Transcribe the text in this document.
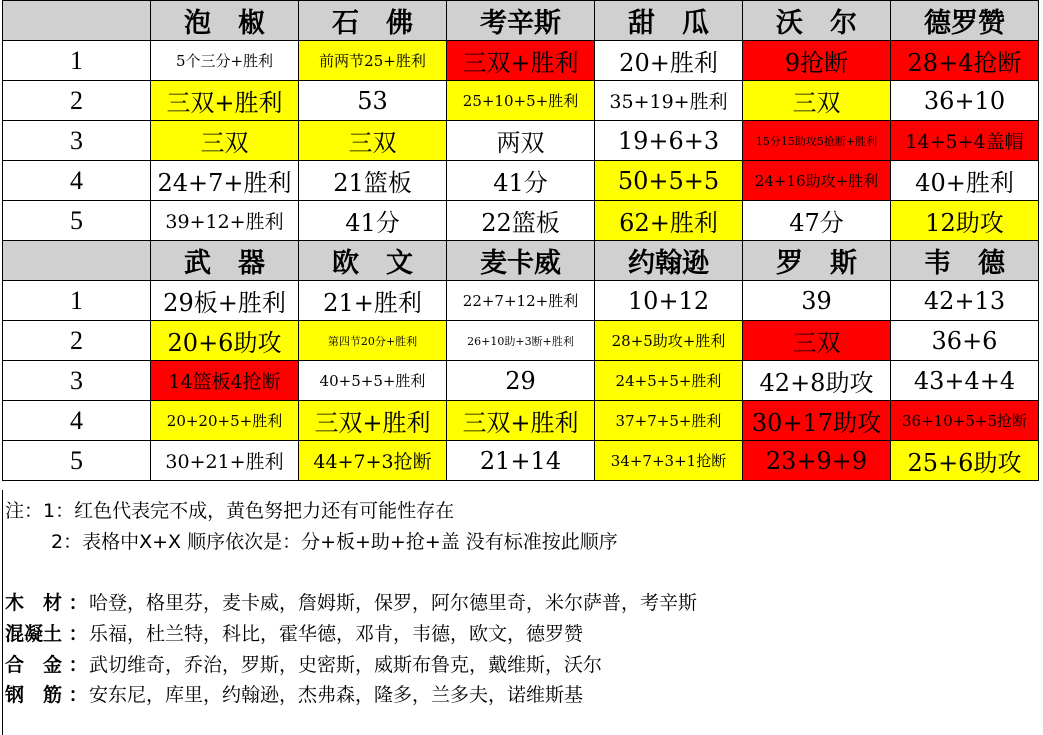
	泡　椒	石　佛	考辛斯	甜　瓜	沃　尔	德罗赞
1	5个三分+胜利	前两节25+胜利	三双+胜利	20+胜利	9抢断	28+4抢断
2	三双+胜利	53	25+10+5+胜利	35+19+胜利	三双	36+10
3	三双	三双	两双	19+6+3	15分15助攻5抢断+胜利	14+5+4盖帽
4	24+7+胜利	21篮板	41分	50+5+5	24+16助攻+胜利	40+胜利
5	39+12+胜利	41分	22篮板	62+胜利	47分	12助攻
	武　器	欧　文	麦卡威	约翰逊	罗　斯	韦　德
1	29板+胜利	21+胜利	22+7+12+胜利	10+12	39	42+13
2	20+6助攻	第四节20分+胜利	26+10助+3断+胜利	28+5助攻+胜利	三双	36+6
3	14篮板4抢断	40+5+5+胜利	29	24+5+5+胜利	42+8助攻	43+4+4
4	20+20+5+胜利	三双+胜利	三双+胜利	37+7+5+胜利	30+17助攻	36+10+5+5抢断
5	30+21+胜利	44+7+3抢断	21+14	34+7+3+1抢断	23+9+9	25+6助攻
注：1：红色代表完不成，黄色努把力还有可能性存在
2：表格中X+X 顺序依次是：分+板+助+抢+盖 没有标准按此顺序
木　材 ：哈登，格里芬，麦卡威，詹姆斯，保罗，阿尔德里奇，米尔萨普，考辛斯
混凝土 ：乐福，杜兰特，科比，霍华德，邓肯，韦德，欧文，德罗赞
合　金 ：武切维奇，乔治，罗斯，史密斯，威斯布鲁克，戴维斯，沃尔
钢　筋 ：安东尼，库里，约翰逊，杰弗森，隆多，兰多夫，诺维斯基
